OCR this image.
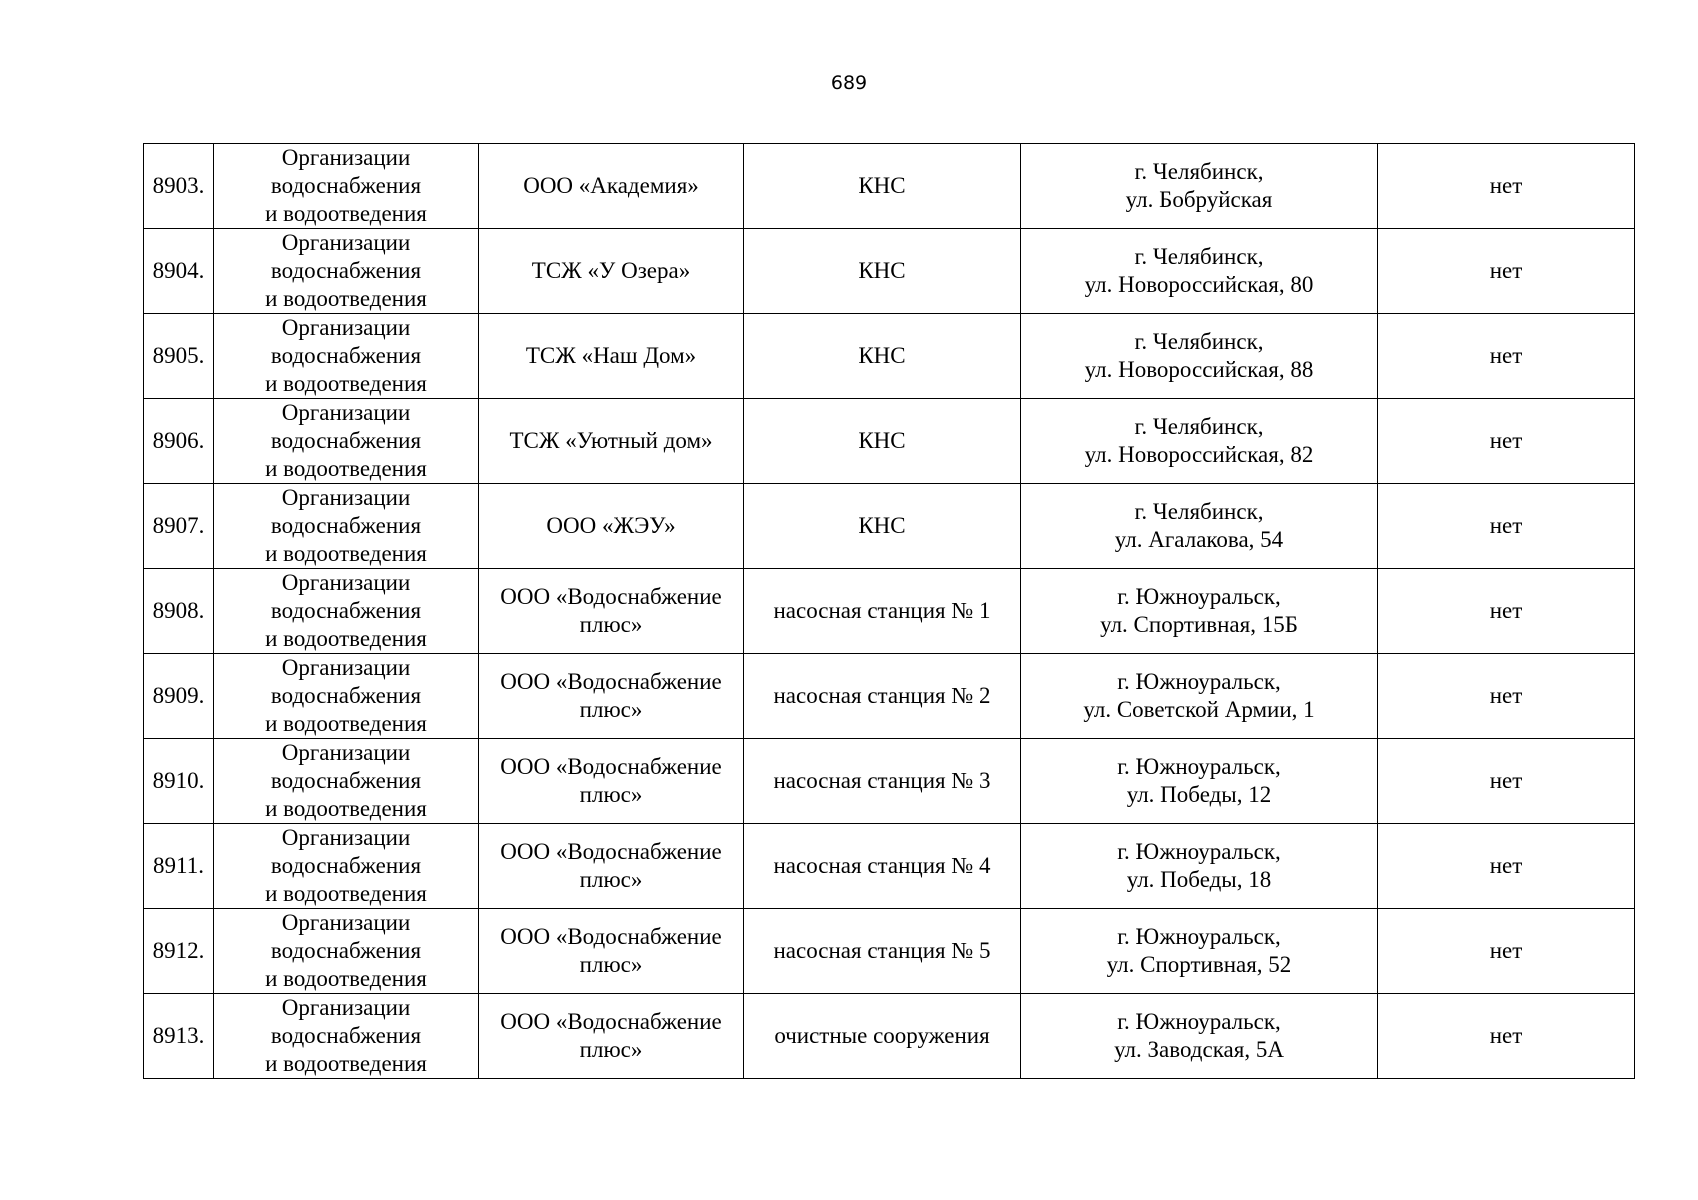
689
8903.	Организации
водоснабжения
и водоотведения	ООО «Академия»	КНС	г. Челябинск,
ул. Бобруйская	нет

8904.	Организации
водоснабжения
и водоотведения	ТСЖ «У Озера»	КНС	г. Челябинск,
ул. Новороссийская, 80	нет

8905.	Организации
водоснабжения
и водоотведения	ТСЖ «Наш Дом»	КНС	г. Челябинск,
ул. Новороссийская, 88	нет

8906.	Организации
водоснабжения
и водоотведения	ТСЖ «Уютный дом»	КНС	г. Челябинск,
ул. Новороссийская, 82	нет

8907.	Организации
водоснабжения
и водоотведения	ООО «ЖЭУ»	КНС	г. Челябинск,
ул. Агалакова, 54	нет

8908.	Организации
водоснабжения
и водоотведения	ООО «Водоснабжение
плюс»	насосная станция № 1	г. Южноуральск,
ул. Спортивная, 15Б	нет

8909.	Организации
водоснабжения
и водоотведения	ООО «Водоснабжение
плюс»	насосная станция № 2	г. Южноуральск,
ул. Советской Армии, 1	нет

8910.	Организации
водоснабжения
и водоотведения	ООО «Водоснабжение
плюс»	насосная станция № 3	г. Южноуральск,
ул. Победы, 12	нет

8911.	Организации
водоснабжения
и водоотведения	ООО «Водоснабжение
плюс»	насосная станция № 4	г. Южноуральск,
ул. Победы, 18	нет

8912.	Организации
водоснабжения
и водоотведения	ООО «Водоснабжение
плюс»	насосная станция № 5	г. Южноуральск,
ул. Спортивная, 52	нет

8913.	Организации
водоснабжения
и водоотведения	ООО «Водоснабжение
плюс»	очистные сооружения	г. Южноуральск,
ул. Заводская, 5А	нет
